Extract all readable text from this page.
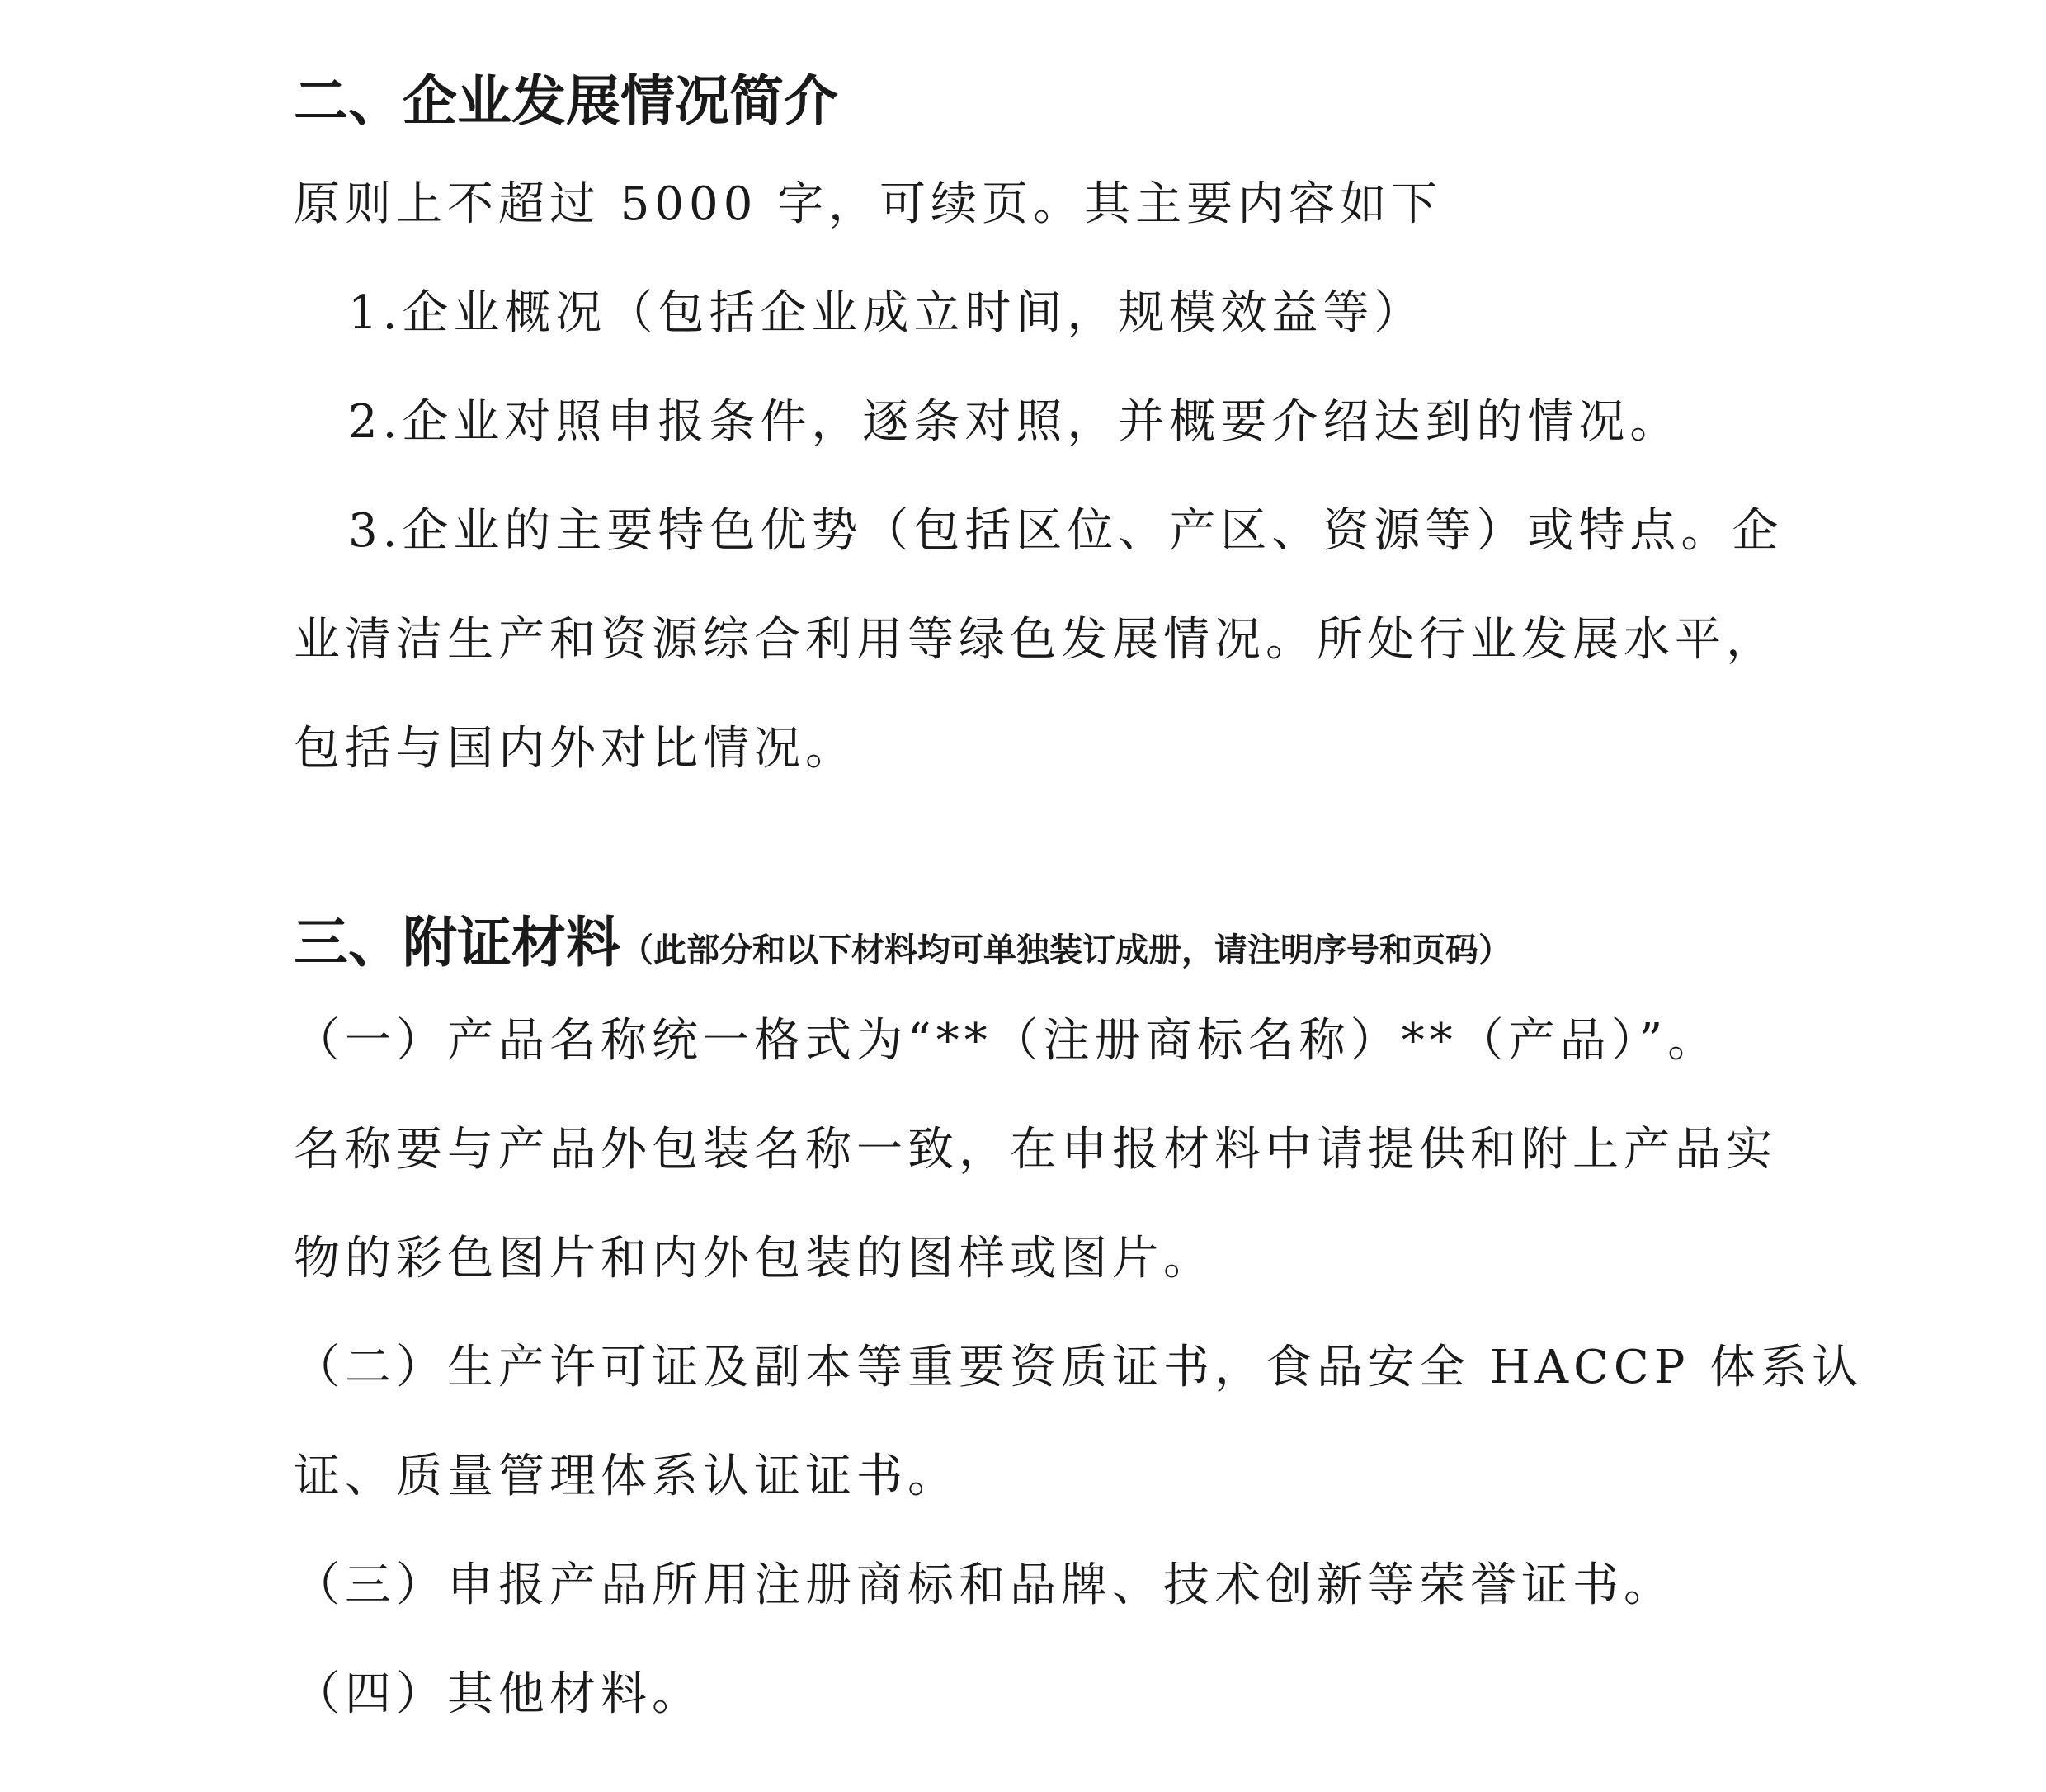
二、企业发展情况简介

原则上不超过 5000 字，可续页。其主要内容如下

1.企业概况（包括企业成立时间，规模效益等）

2.企业对照申报条件，逐条对照，并概要介绍达到的情况。

3.企业的主要特色优势（包括区位、产区、资源等）或特点。企

业清洁生产和资源综合利用等绿色发展情况。所处行业发展水平，

包括与国内外对比情况。

三、附证材料（此部分和以下材料均可单独装订成册，请注明序号和页码）

（一）产品名称统一格式为“**（注册商标名称）**（产品）”。

名称要与产品外包装名称一致，在申报材料中请提供和附上产品实

物的彩色图片和内外包装的图样或图片。

（二）生产许可证及副本等重要资质证书，食品安全 HACCP 体系认

证、质量管理体系认证证书。

（三）申报产品所用注册商标和品牌、技术创新等荣誉证书。

（四）其他材料。
